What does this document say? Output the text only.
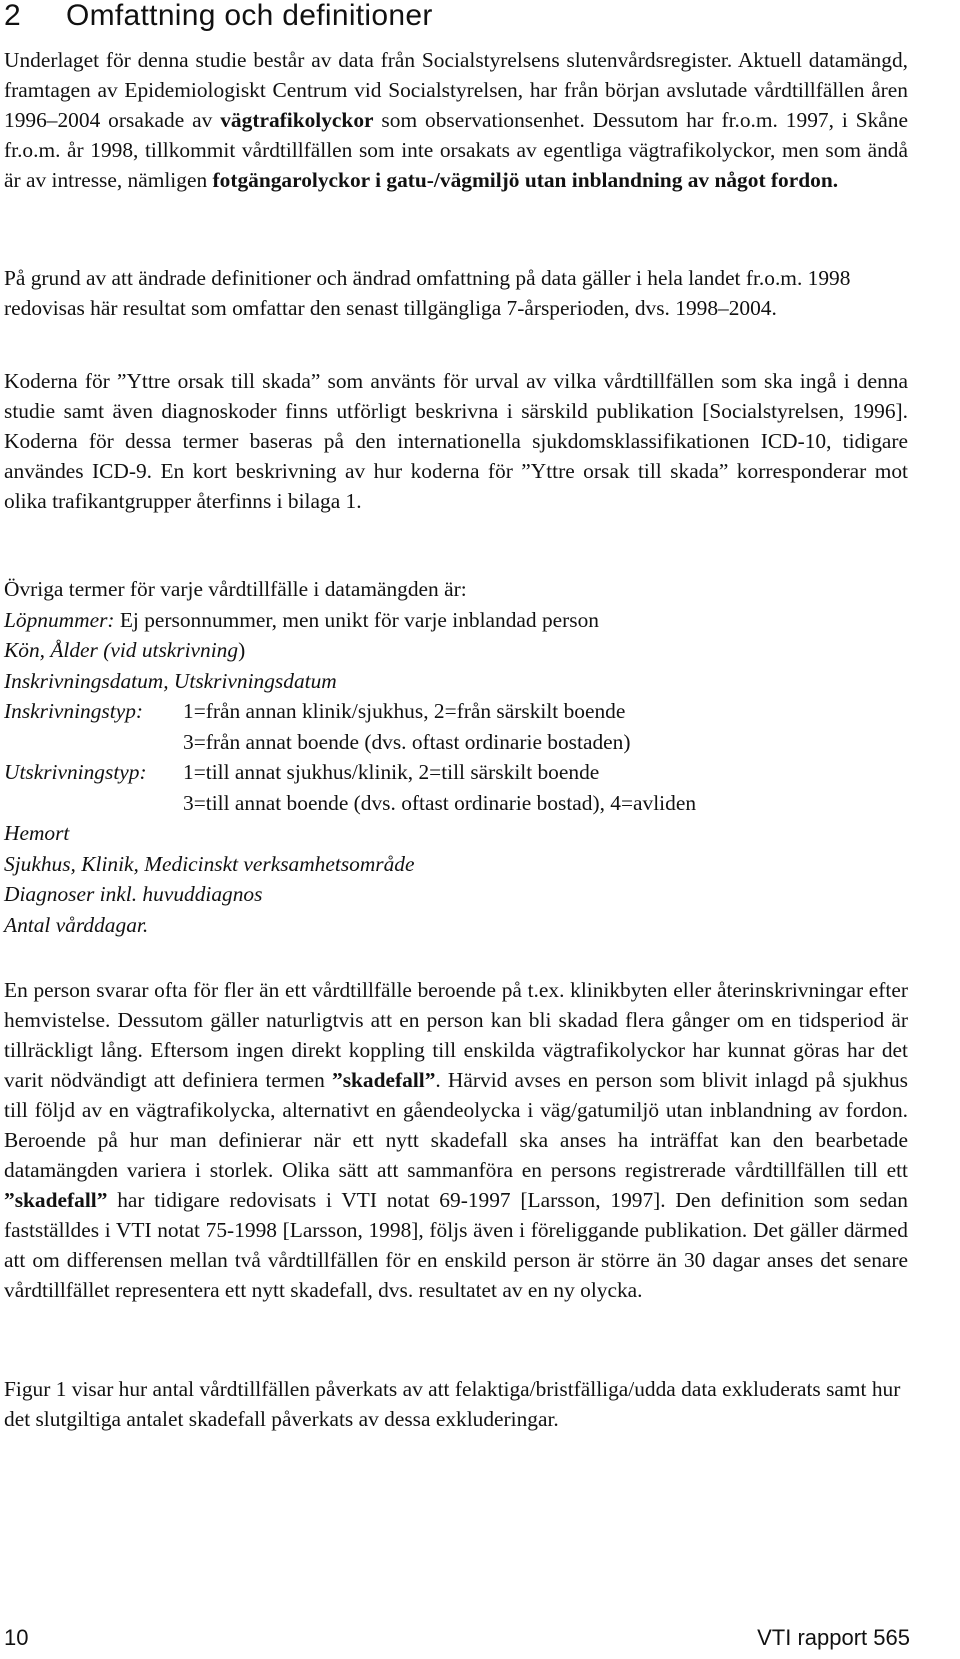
2 Omfattning och definitioner

Underlaget för denna studie består av data från Socialstyrelsens slutenvårdsregister. Aktuell datamängd, framtagen av Epidemiologiskt Centrum vid Socialstyrelsen, har från början avslutade vårdtillfällen åren 1996–2004 orsakade av vägtrafikolyckor som observationsenhet. Dessutom har fr.o.m. 1997, i Skåne fr.o.m. år 1998, tillkommit vårdtillfällen som inte orsakats av egentliga vägtrafikolyckor, men som ändå är av intresse, nämligen fotgängarolyckor i gatu-/vägmiljö utan inblandning av något fordon.

På grund av att ändrade definitioner och ändrad omfattning på data gäller i hela landet fr.o.m. 1998 redovisas här resultat som omfattar den senast tillgängliga 7-årsperioden, dvs. 1998–2004.

Koderna för ”Yttre orsak till skada” som använts för urval av vilka vårdtillfällen som ska ingå i denna studie samt även diagnoskoder finns utförligt beskrivna i särskild publikation [Socialstyrelsen, 1996]. Koderna för dessa termer baseras på den internationella sjukdomsklassifikationen ICD-10, tidigare användes ICD-9. En kort beskrivning av hur koderna för ”Yttre orsak till skada” korresponderar mot olika trafikantgrupper återfinns i bilaga 1.

Övriga termer för varje vårdtillfälle i datamängden är:
Löpnummer: Ej personnummer, men unikt för varje inblandad person
Kön, Ålder (vid utskrivning)
Inskrivningsdatum, Utskrivningsdatum
Inskrivningstyp: 1=från annan klinik/sjukhus, 2=från särskilt boende
3=från annat boende (dvs. oftast ordinarie bostaden)
Utskrivningstyp: 1=till annat sjukhus/klinik, 2=till särskilt boende
3=till annat boende (dvs. oftast ordinarie bostad), 4=avliden
Hemort
Sjukhus, Klinik, Medicinskt verksamhetsområde
Diagnoser inkl. huvuddiagnos
Antal vårddagar.

En person svarar ofta för fler än ett vårdtillfälle beroende på t.ex. klinikbyten eller återinskrivningar efter hemvistelse. Dessutom gäller naturligtvis att en person kan bli skadad flera gånger om en tidsperiod är tillräckligt lång. Eftersom ingen direkt koppling till enskilda vägtrafikolyckor har kunnat göras har det varit nödvändigt att definiera termen ”skadefall”. Härvid avses en person som blivit inlagd på sjukhus till följd av en vägtrafikolycka, alternativt en gåendeolycka i väg/gatumiljö utan inblandning av fordon. Beroende på hur man definierar när ett nytt skadefall ska anses ha inträffat kan den bearbetade datamängden variera i storlek. Olika sätt att sammanföra en persons registrerade vårdtillfällen till ett ”skadefall” har tidigare redovisats i VTI notat 69-1997 [Larsson, 1997]. Den definition som sedan fastställdes i VTI notat 75-1998 [Larsson, 1998], följs även i föreliggande publikation. Det gäller därmed att om differensen mellan två vårdtillfällen för en enskild person är större än 30 dagar anses det senare vårdtillfället representera ett nytt skadefall, dvs. resultatet av en ny olycka.

Figur 1 visar hur antal vårdtillfällen påverkats av att felaktiga/bristfälliga/udda data exkluderats samt hur det slutgiltiga antalet skadefall påverkats av dessa exkluderingar.

10	VTI rapport 565
